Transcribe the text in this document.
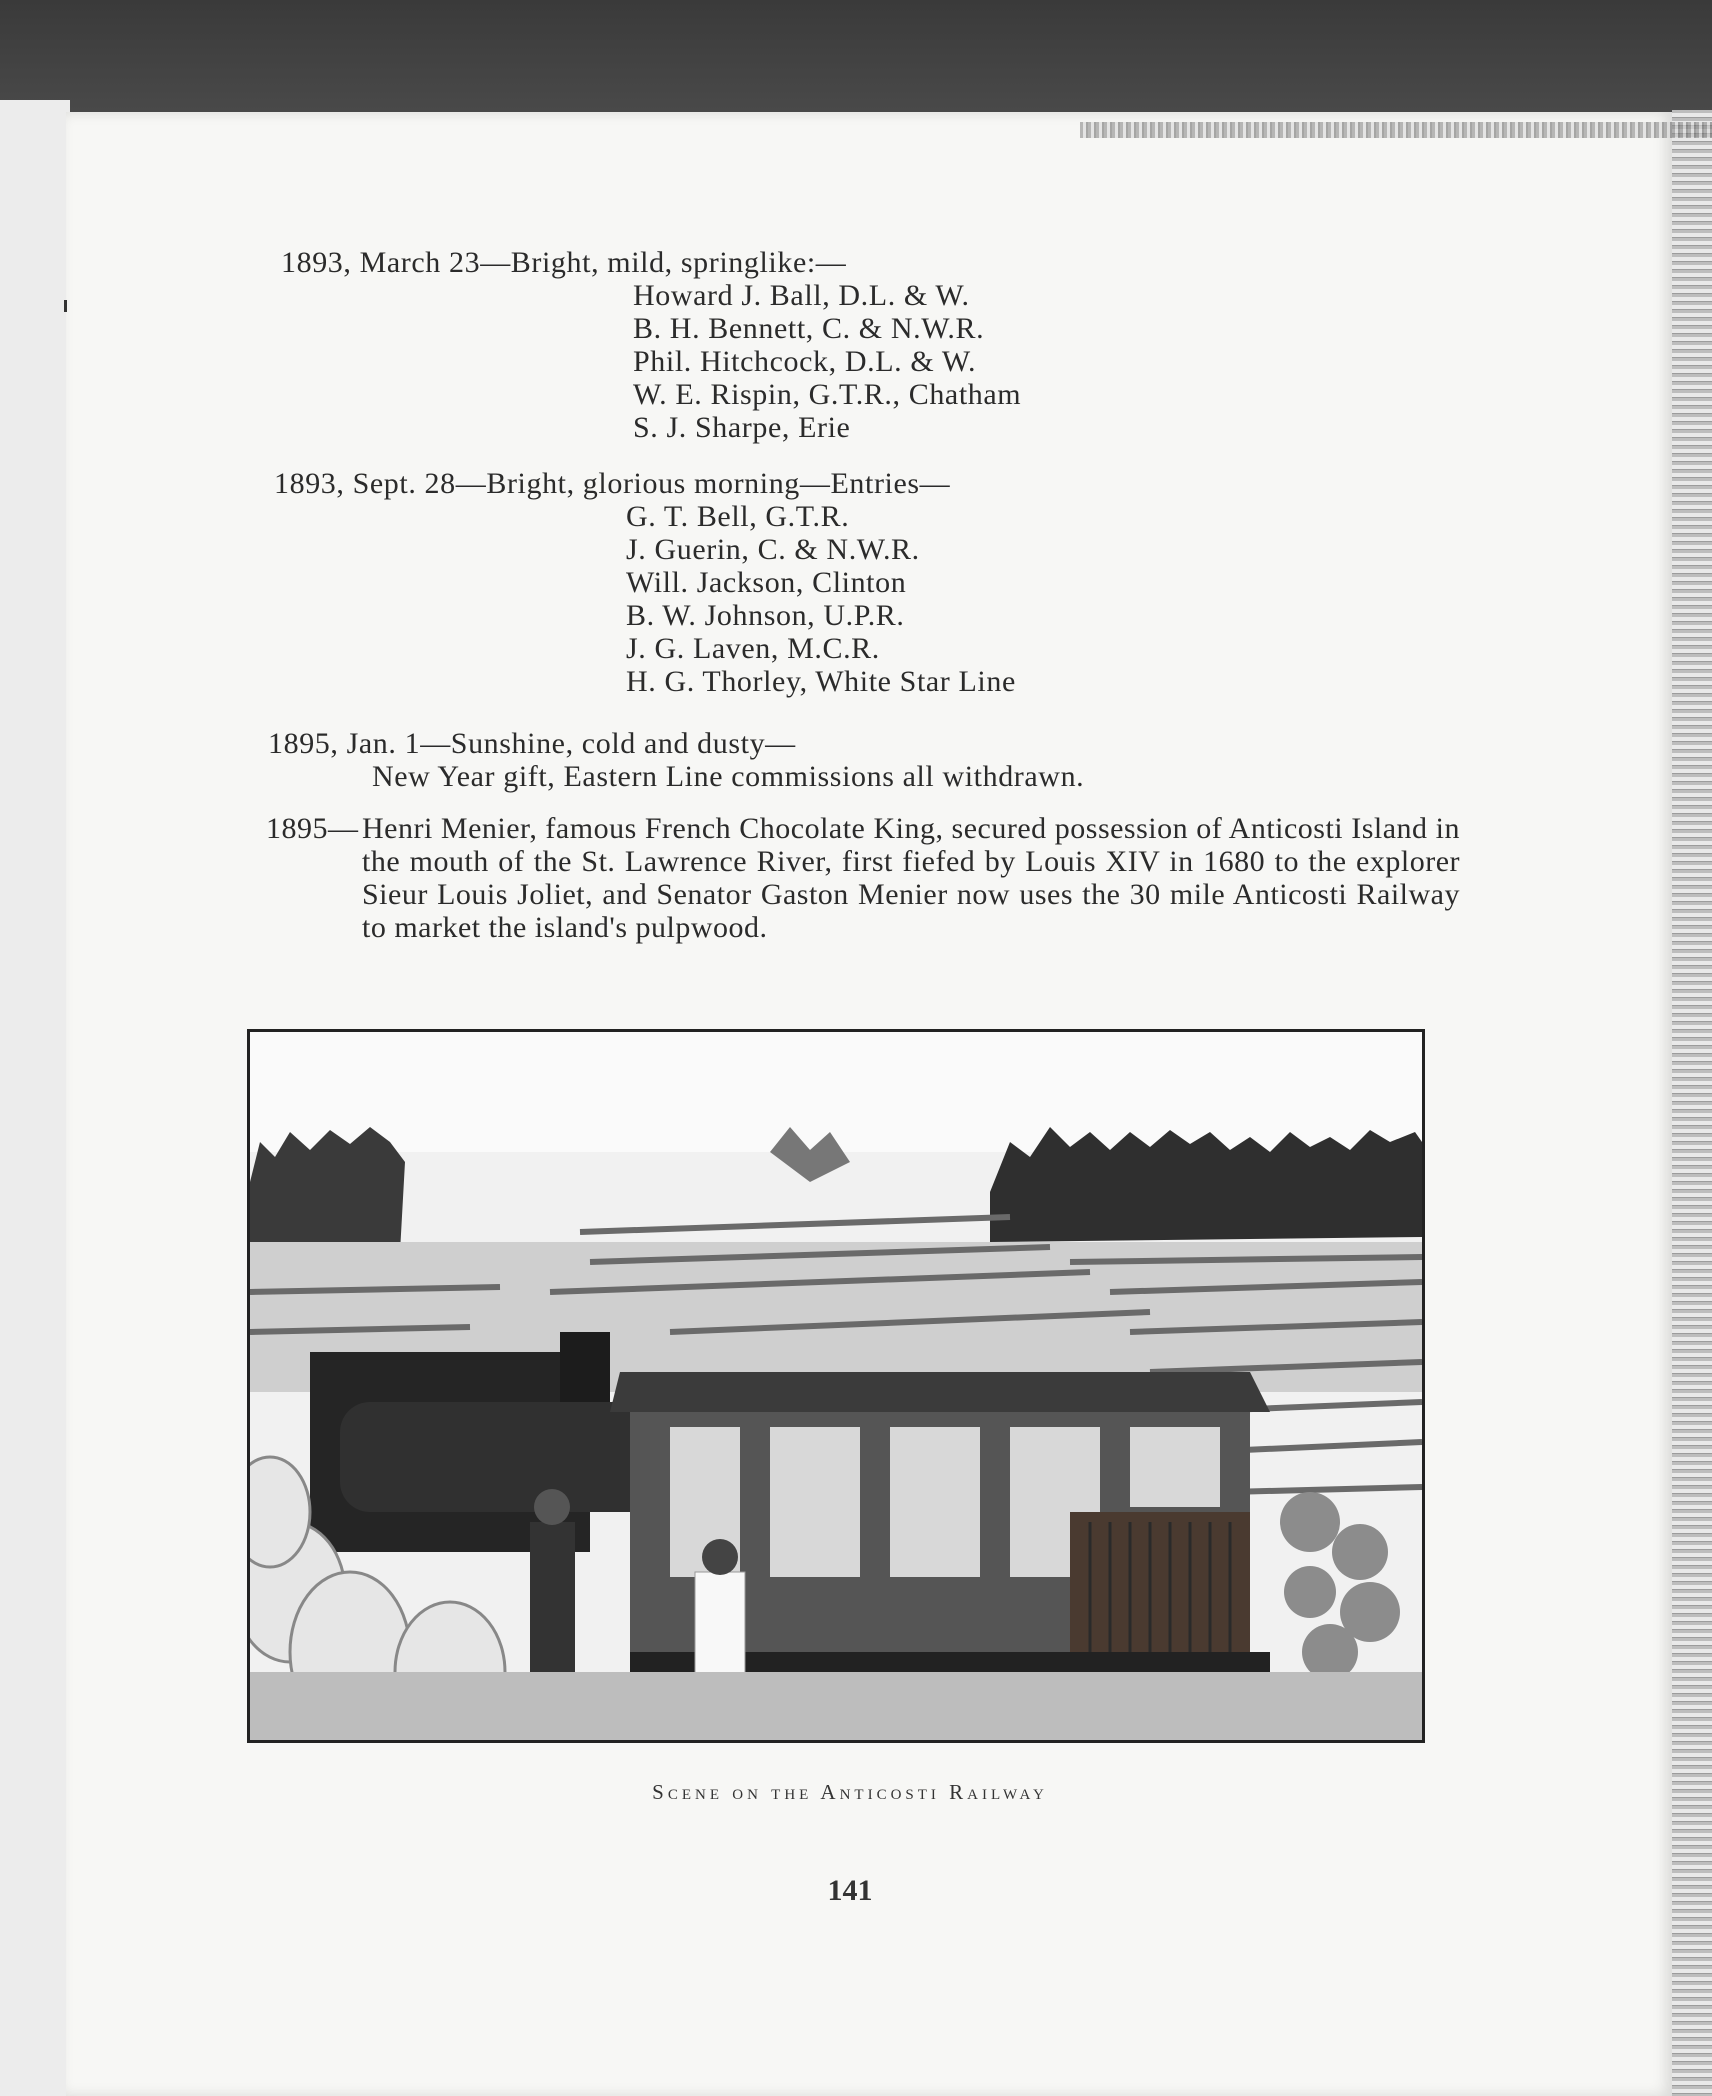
1893, March 23—Bright, mild, springlike:—
Howard J. Ball, D.L. & W.
B. H. Bennett, C. & N.W.R.
Phil. Hitchcock, D.L. & W.
W. E. Rispin, G.T.R., Chatham
S. J. Sharpe, Erie
1893, Sept. 28—Bright, glorious morning—Entries—
G. T. Bell, G.T.R.
J. Guerin, C. & N.W.R.
Will. Jackson, Clinton
B. W. Johnson, U.P.R.
J. G. Laven, M.C.R.
H. G. Thorley, White Star Line
1895, Jan. 1—Sunshine, cold and dusty—
New Year gift, Eastern Line commissions all withdrawn.
1895— Henri Menier, famous French Chocolate King, secured possession of Anticosti Island in the mouth of the St. Lawrence River, first fiefed by Louis XIV in 1680 to the explorer Sieur Louis Joliet, and Senator Gaston Menier now uses the 30 mile Anticosti Railway to market the island's pulpwood.
Scene on the Anticosti Railway
141
